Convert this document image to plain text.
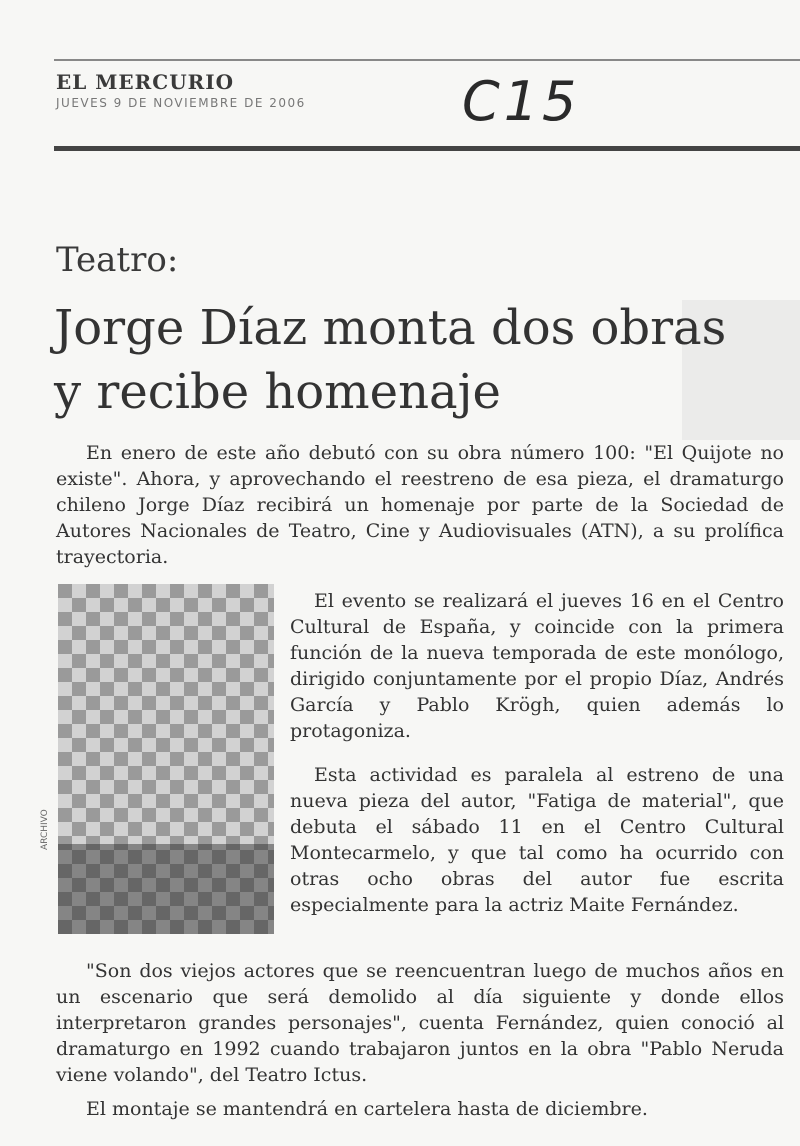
EL MERCURIO
JUEVES 9 DE NOVIEMBRE DE 2006	C15
Teatro:
Jorge Díaz monta dos obras y recibe homenaje
En enero de este año debutó con su obra número 100: "El Quijote no existe". Ahora, y aprovechando el reestreno de esa pieza, el dramaturgo chileno Jorge Díaz recibirá un homenaje por parte de la Sociedad de Autores Nacionales de Teatro, Cine y Audiovisuales (ATN), a su prolífica trayectoria.
ARCHIVO
El evento se realizará el jueves 16 en el Centro Cultural de España, y coincide con la primera función de la nueva temporada de este monólogo, dirigido conjuntamente por el propio Díaz, Andrés García y Pablo Krögh, quien además lo protagoniza.
Esta actividad es paralela al estreno de una nueva pieza del autor, "Fatiga de material", que debuta el sábado 11 en el Centro Cultural Montecarmelo, y que tal como ha ocurrido con otras ocho obras del autor fue escrita especialmente para la actriz Maite Fernández.
"Son dos viejos actores que se reencuentran luego de muchos años en un escenario que será demolido al día siguiente y donde ellos interpretaron grandes personajes", cuenta Fernández, quien conoció al dramaturgo en 1992 cuando trabajaron juntos en la obra "Pablo Neruda viene volando", del Teatro Ictus.
El montaje se mantendrá en cartelera hasta de diciembre.
